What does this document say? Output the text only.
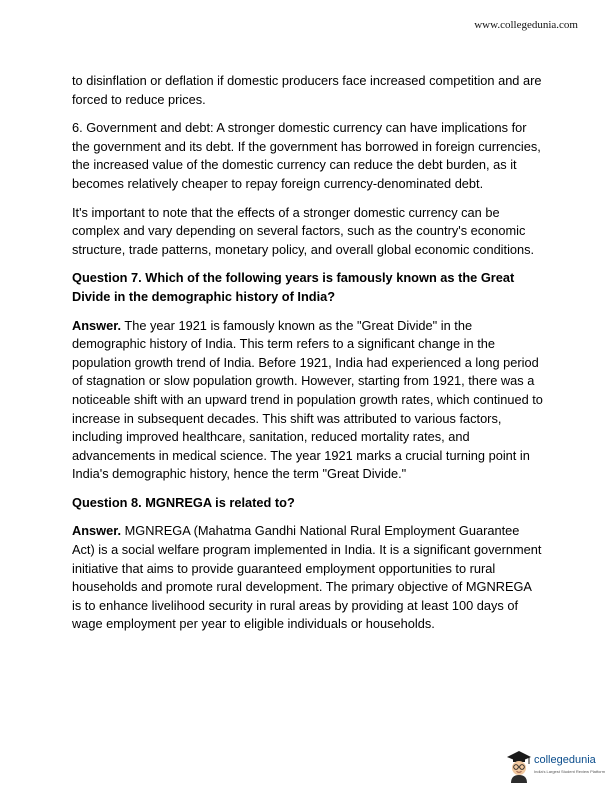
www.collegedunia.com

to disinflation or deflation if domestic producers face increased competition and are forced to reduce prices.

6. Government and debt: A stronger domestic currency can have implications for the government and its debt. If the government has borrowed in foreign currencies, the increased value of the domestic currency can reduce the debt burden, as it becomes relatively cheaper to repay foreign currency-denominated debt.

It's important to note that the effects of a stronger domestic currency can be complex and vary depending on several factors, such as the country's economic structure, trade patterns, monetary policy, and overall global economic conditions.

Question 7. Which of the following years is famously known as the Great Divide in the demographic history of India?

Answer. The year 1921 is famously known as the "Great Divide" in the demographic history of India. This term refers to a significant change in the population growth trend of India. Before 1921, India had experienced a long period of stagnation or slow population growth. However, starting from 1921, there was a noticeable shift with an upward trend in population growth rates, which continued to increase in subsequent decades. This shift was attributed to various factors, including improved healthcare, sanitation, reduced mortality rates, and advancements in medical science. The year 1921 marks a crucial turning point in India's demographic history, hence the term "Great Divide."

Question 8. MGNREGA is related to?

Answer. MGNREGA (Mahatma Gandhi National Rural Employment Guarantee Act) is a social welfare program implemented in India. It is a significant government initiative that aims to provide guaranteed employment opportunities to rural households and promote rural development. The primary objective of MGNREGA is to enhance livelihood security in rural areas by providing at least 100 days of wage employment per year to eligible individuals or households.

collegedunia
India's Largest Student Review Platform
